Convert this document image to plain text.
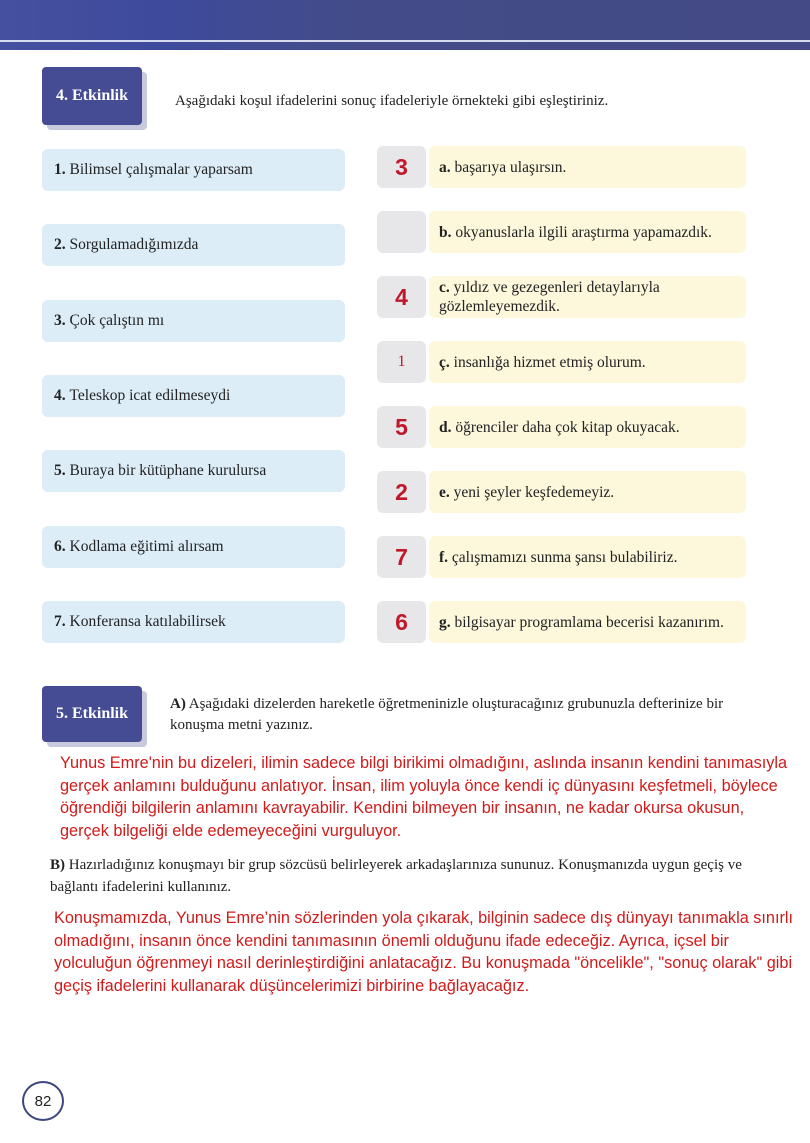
4. Etkinlik	Aşağıdaki koşul ifadelerini sonuç ifadeleriyle örnekteki gibi eşleştiriniz.
1.
Bilimsel çalışmalar yaparsam
2.
Sorgulamadığımızda
3.
Çok çalıştın mı
4.
Teleskop icat edilmeseydi
5.
Buraya bir kütüphane kurulursa
6.
Kodlama eğitimi alırsam
7.
Konferansa katılabilirsek
3	a. başarıya ulaşırsın.
b. okyanuslarla ilgili araştırma yapamazdık.
4	c. yıldız ve gezegenleri detaylarıyla gözlemleyemezdik.
1	ç. insanlığa hizmet etmiş olurum.
5	d. öğrenciler daha çok kitap okuyacak.
2	e. yeni şeyler keşfedemeyiz.
7	f. çalışmamızı sunma şansı bulabiliriz.
6	g. bilgisayar programlama becerisi kazanırım.
5. Etkinlik
A) Aşağıdaki dizelerden hareketle öğretmeninizle oluşturacağınız grubunuzla defterinize bir konuşma metni yazınız.
Yunus Emre'nin bu dizeleri, ilimin sadece bilgi birikimi olmadığını, aslında insanın kendini tanımasıyla gerçek anlamını bulduğunu anlatıyor. İnsan, ilim yoluyla önce kendi iç dünyasını keşfetmeli, böylece öğrendiği bilgilerin anlamını kavrayabilir. Kendini bilmeyen bir insanın, ne kadar okursa okusun, gerçek bilgeliği elde edemeyeceğini vurguluyor.
B) Hazırladığınız konuşmayı bir grup sözcüsü belirleyerek arkadaşlarınıza sununuz. Konuşmanızda uygun geçiş ve bağlantı ifadelerini kullanınız.
Konuşmamızda, Yunus Emre’nin sözlerinden yola çıkarak, bilginin sadece dış dünyayı tanımakla sınırlı olmadığını, insanın önce kendini tanımasının önemli olduğunu ifade edeceğiz. Ayrıca, içsel bir yolculuğun öğrenmeyi nasıl derinleştirdiğini anlatacağız. Bu konuşmada "öncelikle", "sonuç olarak" gibi geçiş ifadelerini kullanarak düşüncelerimizi birbirine bağlayacağız.
82
